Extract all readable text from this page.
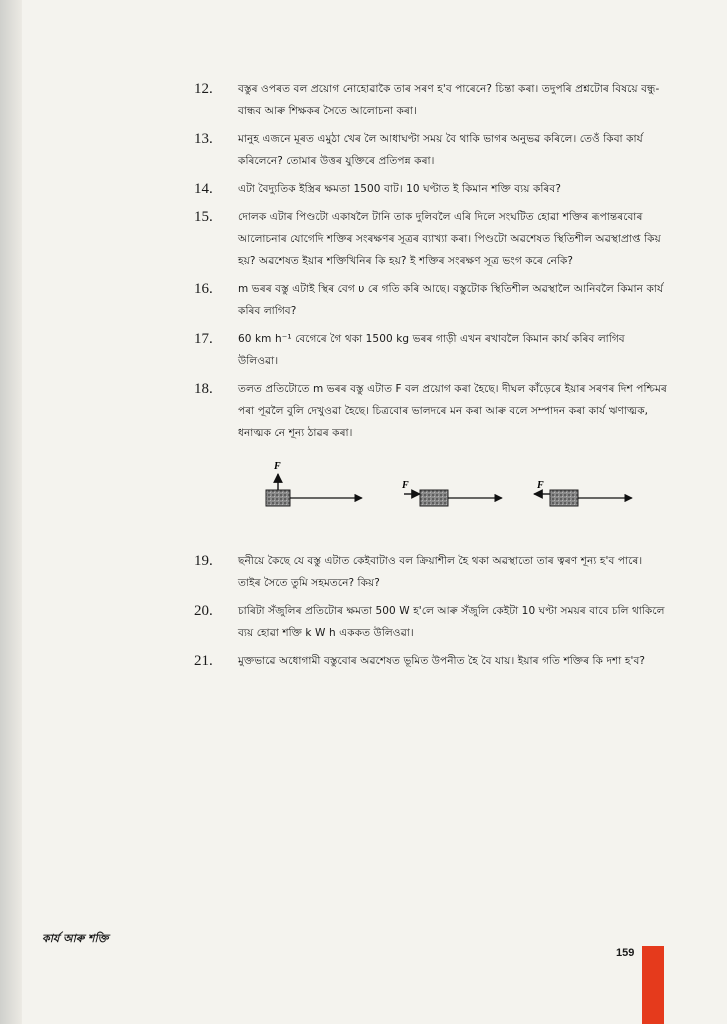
12. বস্তুৰ ওপৰত বল প্ৰয়োগ নোহোৱাকৈ তাৰ সৰণ হ'ব পাৰেনে? চিন্তা কৰা। তদুপৰি প্ৰশ্নটোৰ বিষয়ে বন্ধু-বান্ধব আৰু শিক্ষকৰ সৈতে আলোচনা কৰা।
13. মানুহ এজনে মূৰত এমুঠা খেৰ লৈ আধাঘণ্টা সময় বৈ থাকি ভাগৰ অনুভৱ কৰিলে। তেওঁ কিবা কাৰ্য কৰিলেনে? তোমাৰ উত্তৰ যুক্তিৰে প্ৰতিপন্ন কৰা।
14. এটা বৈদ্যুতিক ইস্ত্ৰিৰ ক্ষমতা 1500 বাট। 10 ঘণ্টাত ই কিমান শক্তি ব্যয় কৰিব?
15. দোলক এটাৰ পিণ্ডটো একাষলৈ টানি তাক দুলিবলৈ এৰি দিলে সংঘটিত হোৱা শক্তিৰ ৰূপান্তৰবোৰ আলোচনাৰ যোগেদি শক্তিৰ সংৰক্ষণৰ সূত্ৰৰ ব্যাখ্যা কৰা। পিণ্ডটো অৱশেষত স্থিতিশীল অৱস্থাপ্ৰাপ্ত কিয় হয়? অৱশেষত ইয়াৰ শক্তিখিনিৰ কি হয়? ই শক্তিৰ সংৰক্ষণ সূত্ৰ ভংগ কৰে নেকি?
16. m ভৰৰ বস্তু এটাই স্থিৰ বেগ υ ৰে গতি কৰি আছে। বস্তুটোক স্থিতিশীল অৱস্থালৈ আনিবলৈ কিমান কাৰ্য কৰিব লাগিব?
17. 60 km h⁻¹ বেগেৰে গৈ থকা 1500 kg ভৰৰ গাড়ী এখন ৰখাবলৈ কিমান কাৰ্য কৰিব লাগিব উলিওৱা।
18. তলত প্ৰতিটোতে m ভৰৰ বস্তু এটাত F বল প্ৰয়োগ কৰা হৈছে। দীঘল কাঁড়েৰে ইয়াৰ সৰণৰ দিশ পশ্চিমৰ পৰা পূৱলৈ বুলি দেখুওৱা হৈছে। চিত্ৰবোৰ ভালদৰে মন কৰা আৰু বলে সম্পাদন কৰা কাৰ্য ঋণাত্মক, ধনাত্মক নে শূন্য ঠাৱৰ কৰা।
F
F	F
19. ছনীয়ে কৈছে যে বস্তু এটাত কেইবাটাও বল ক্ৰিয়াশীল হৈ থকা অৱস্থাতো তাৰ ত্বৰণ শূন্য হ'ব পাৰে। তাইৰ সৈতে তুমি সহমতনে? কিয়?
20. চাৰিটা সঁজুলিৰ প্ৰতিটোৰ ক্ষমতা 500 W হ'লে আৰু সঁজুলি কেইটা 10 ঘণ্টা সময়ৰ বাবে চলি থাকিলে ব্যয় হোৱা শক্তি k W h এককত উলিওৱা।
21. মুক্তভাৱে অধোগামী বস্তুবোৰ অৱশেষত ভূমিত উপনীত হৈ বৈ যায়। ইয়াৰ গতি শক্তিৰ কি দশা হ'ব?
কাৰ্য আৰু শক্তি
159
